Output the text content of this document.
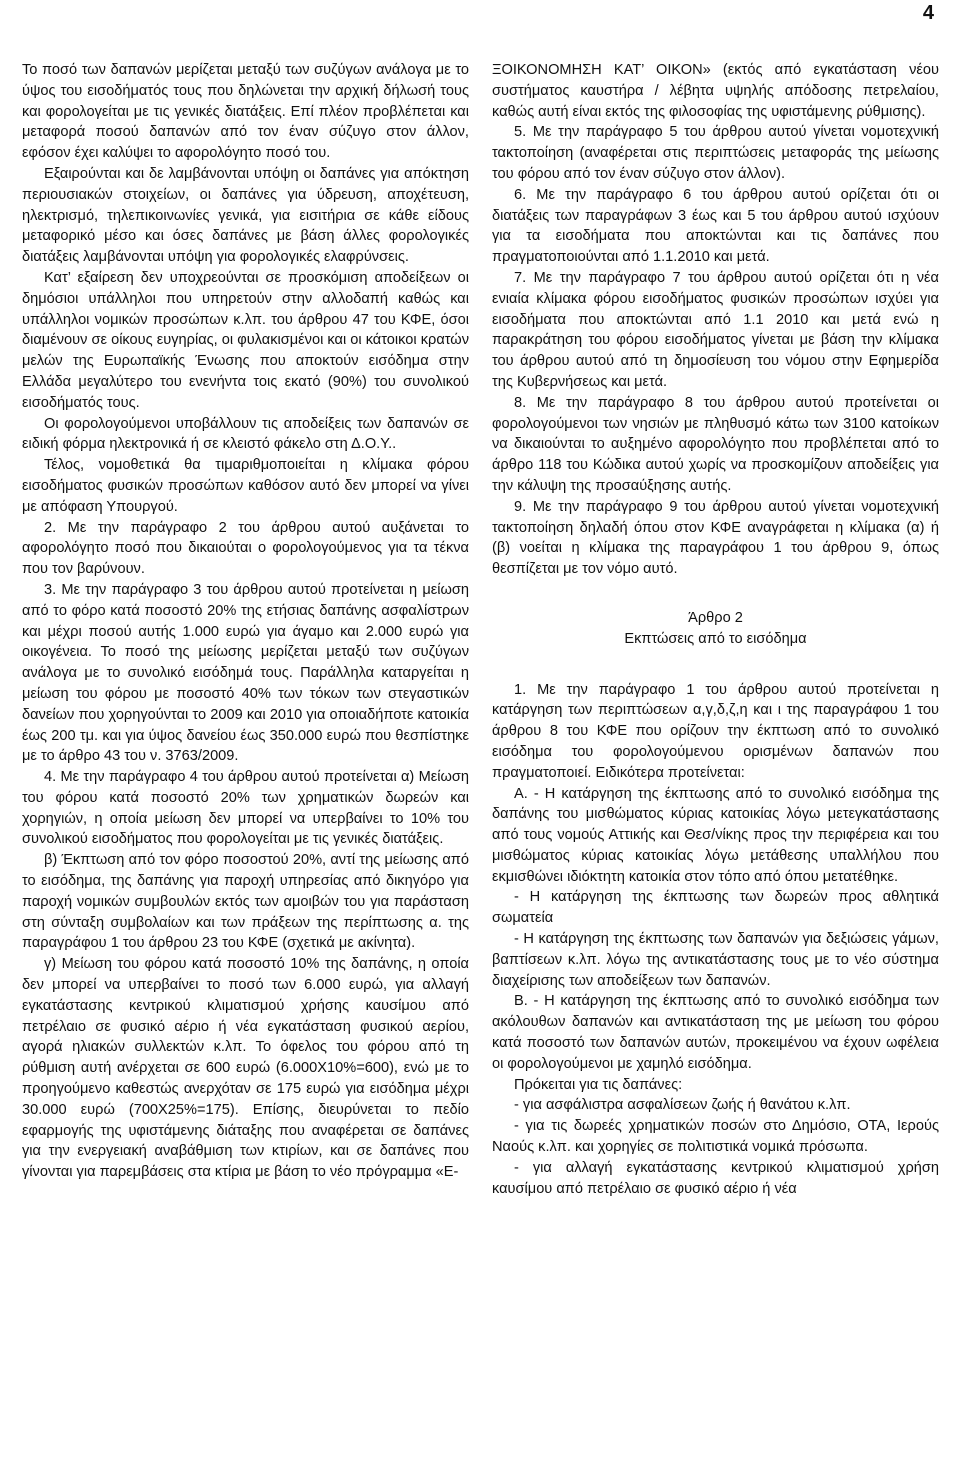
4

Το ποσό των δαπανών μερίζεται μεταξύ των συζύγων ανάλογα με το ύψος του εισοδήματός τους που δηλώνεται την αρχική δήλωσή τους και φορολογείται με τις γενικές διατάξεις. Επί πλέον προβλέπεται και μεταφορά ποσού δαπανών από τον έναν σύζυγο στον άλλον, εφόσον έχει καλύψει το αφορολόγητο ποσό του.

Εξαιρούνται και δε λαμβάνονται υπόψη οι δαπάνες για απόκτηση περιουσιακών στοιχείων, οι δαπάνες για ύδρευση, αποχέτευση, ηλεκτρισμό, τηλεπικοινωνίες γενικά, για εισιτήρια σε κάθε είδους μεταφορικό μέσο και όσες δαπάνες με βάση άλλες φορολογικές διατάξεις λαμβάνονται υπόψη για φορολογικές ελαφρύνσεις.

Κατ’ εξαίρεση δεν υποχρεούνται σε προσκόμιση αποδείξεων οι δημόσιοι υπάλληλοι που υπηρετούν στην αλλοδαπή καθώς και υπάλληλοι νομικών προσώπων κ.λπ. του άρθρου 47 του ΚΦΕ, όσοι διαμένουν σε οίκους ευγηρίας, οι φυλακισμένοι και οι κάτοικοι κρατών μελών της Ευρωπαϊκής Ένωσης που αποκτούν εισόδημα στην Ελλάδα μεγαλύτερο του ενενήντα τοις εκατό (90%) του συνολικού εισοδήματός τους.

Οι φορολογούμενοι υποβάλλουν τις αποδείξεις των δαπανών σε ειδική φόρμα ηλεκτρονικά ή σε κλειστό φάκελο στη Δ.Ο.Υ..

Τέλος, νομοθετικά θα τιμαριθμοποιείται η κλίμακα φόρου εισοδήματος φυσικών προσώπων καθόσον αυτό δεν μπορεί να γίνει με απόφαση Υπουργού.

2. Με την παράγραφο 2 του άρθρου αυτού αυξάνεται το αφορολόγητο ποσό που δικαιούται ο φορολογούμενος για τα τέκνα που τον βαρύνουν.

3. Με την παράγραφο 3 του άρθρου αυτού προτείνεται η μείωση από το φόρο κατά ποσοστό 20% της ετήσιας δαπάνης ασφαλίστρων και μέχρι ποσού αυτής 1.000 ευρώ για άγαμο και 2.000 ευρώ για οικογένεια. Το ποσό της μείωσης μερίζεται μεταξύ των συζύγων ανάλογα με το συνολικό εισόδημά τους. Παράλληλα καταργείται η μείωση του φόρου με ποσοστό 40% των τόκων των στεγαστικών δανείων που χορηγούνται το 2009 και 2010 για οποιαδήποτε κατοικία έως 200 τμ. και για ύψος δανείου έως 350.000 ευρώ που θεσπίστηκε με το άρθρο 43 του ν. 3763/2009.

4. Με την παράγραφο 4 του άρθρου αυτού προτείνεται α) Μείωση του φόρου κατά ποσοστό 20% των χρηματικών δωρεών και χορηγιών, η οποία μείωση δεν μπορεί να υπερβαίνει το 10% του συνολικού εισοδήματος που φορολογείται με τις γενικές διατάξεις.

β) Έκπτωση από τον φόρο ποσοστού 20%, αντί της μείωσης από το εισόδημα, της δαπάνης για παροχή υπηρεσίας από δικηγόρο για παροχή νομικών συμβουλών εκτός των αμοιβών του για παράσταση στη σύνταξη συμβολαίων και των πράξεων της περίπτωσης α. της παραγράφου 1 του άρθρου 23 του ΚΦΕ (σχετικά με ακίνητα).

γ) Μείωση του φόρου κατά ποσοστό 10% της δαπάνης, η οποία δεν μπορεί να υπερβαίνει το ποσό των 6.000 ευρώ, για αλλαγή εγκατάστασης κεντρικού κλιματισμού χρήσης καυσίμου από πετρέλαιο σε φυσικό αέριο ή νέα εγκατάσταση φυσικού αερίου, αγορά ηλιακών συλλεκτών κ.λπ. Το όφελος του φόρου από τη ρύθμιση αυτή ανέρχεται σε 600 ευρώ (6.000Χ10%=600), ενώ με το προηγούμενο καθεστώς ανερχόταν σε 175 ευρώ για εισόδημα μέχρι 30.000 ευρώ (700Χ25%=175). Επίσης, διευρύνεται το πεδίο εφαρμογής της υφιστάμενης διάταξης που αναφέρεται σε δαπάνες για την ενεργειακή αναβάθμιση των κτιρίων, και σε δαπάνες που γίνονται για παρεμβάσεις στα κτίρια με βάση το νέο πρόγραμμα «Ε-

ΞΟΙΚΟΝΟΜΗΣΗ ΚΑΤ’ ΟΙΚΟΝ» (εκτός από εγκατάσταση νέου συστήματος καυστήρα / λέβητα υψηλής απόδοσης πετρελαίου, καθώς αυτή είναι εκτός της φιλοσοφίας της υφιστάμενης ρύθμισης).

5. Με την παράγραφο 5 του άρθρου αυτού γίνεται νομοτεχνική τακτοποίηση (αναφέρεται στις περιπτώσεις μεταφοράς της μείωσης του φόρου από τον έναν σύζυγο στον άλλον).

6. Με την παράγραφο 6 του άρθρου αυτού ορίζεται ότι οι διατάξεις των παραγράφων 3 έως και 5 του άρθρου αυτού ισχύουν για τα εισοδήματα που αποκτώνται και τις δαπάνες που πραγματοποιούνται από 1.1.2010 και μετά.

7. Με την παράγραφο 7 του άρθρου αυτού ορίζεται ότι η νέα ενιαία κλίμακα φόρου εισοδήματος φυσικών προσώπων ισχύει για εισοδήματα που αποκτώνται από 1.1 2010 και μετά ενώ η παρακράτηση του φόρου εισοδήματος γίνεται με βάση την κλίμακα του άρθρου αυτού από τη δημοσίευση του νόμου στην Εφημερίδα της Κυβερνήσεως και μετά.

8. Με την παράγραφο 8 του άρθρου αυτού προτείνεται οι φορολογούμενοι των νησιών με πληθυσμό κάτω των 3100 κατοίκων να δικαιούνται το αυξημένο αφορολόγητο που προβλέπεται από το άρθρο 118 του Κώδικα αυτού χωρίς να προσκομίζουν αποδείξεις για την κάλυψη της προσαύξησης αυτής.

9. Με την παράγραφο 9 του άρθρου αυτού γίνεται νομοτεχνική τακτοποίηση δηλαδή όπου στον ΚΦΕ αναγράφεται η κλίμακα (α) ή (β) νοείται η κλίμακα της παραγράφου 1 του άρθρου 9, όπως θεσπίζεται με τον νόμο αυτό.

Άρθρο 2

Εκπτώσεις από το εισόδημα

1. Με την παράγραφο 1 του άρθρου αυτού προτείνεται η κατάργηση των περιπτώσεων α,γ,δ,ζ,η και ι της παραγράφου 1 του άρθρου 8 του ΚΦΕ που ορίζουν την έκπτωση από το συνολικό εισόδημα του φορολογούμενου ορισμένων δαπανών που πραγματοποιεί. Ειδικότερα προτείνεται:

Α. - Η κατάργηση της έκπτωσης από το συνολικό εισόδημα της δαπάνης του μισθώματος κύριας κατοικίας λόγω μετεγκατάστασης από τους νομούς Αττικής και Θεσ/νίκης προς την περιφέρεια και του μισθώματος κύριας κατοικίας λόγω μετάθεσης υπαλλήλου που εκμισθώνει ιδιόκτητη κατοικία στον τόπο από όπου μετατέθηκε.

- Η κατάργηση της έκπτωσης των δωρεών προς αθλητικά σωματεία

- Η κατάργηση της έκπτωσης των δαπανών για δεξιώσεις γάμων, βαπτίσεων κ.λπ. λόγω της αντικατάστασης τους με το νέο σύστημα διαχείρισης των αποδείξεων των δαπανών.

Β. - Η κατάργηση της έκπτωσης από το συνολικό εισόδημα των ακόλουθων δαπανών και αντικατάσταση της με μείωση του φόρου κατά ποσοστό των δαπανών αυτών, προκειμένου να έχουν ωφέλεια οι φορολογούμενοι με χαμηλό εισόδημα.

Πρόκειται για τις δαπάνες:

- για ασφάλιστρα ασφαλίσεων ζωής ή θανάτου κ.λπ.

- για τις δωρεές χρηματικών ποσών στο Δημόσιο, ΟΤΑ, Ιερούς Ναούς κ.λπ. και χορηγίες σε πολιτιστικά νομικά πρόσωπα.

- για αλλαγή εγκατάστασης κεντρικού κλιματισμού χρήση καυσίμου από πετρέλαιο σε φυσικό αέριο ή νέα
